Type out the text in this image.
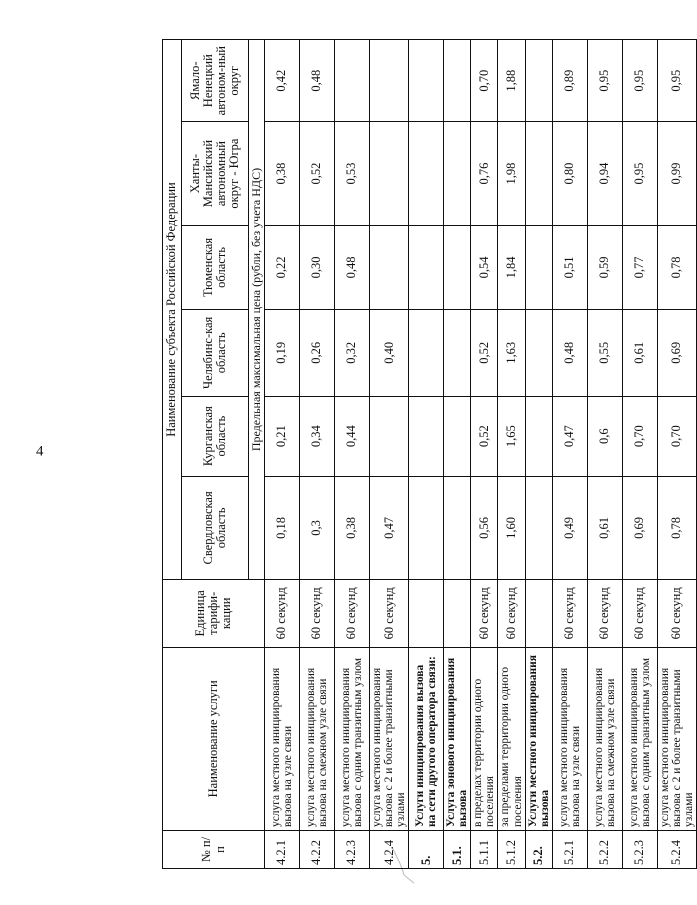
4
№ п/п	Наименование услуги	Единица тарифи-кации	Наименование субъекта Российской Федерации					
			Свердловская область	Курганская область	Челябинс-кая область	Тюменская область	Ханты-Мансийский автономный округ - Югра	Ямало-Ненецкий автоном-ный округ
			Предельная максимальная цена (рубли, без учета НДС)					
4.2.1	услуга местного инициирования вызова на узле связи	60 секунд	0,18	0,21	0,19	0,22	0,38	0,42
4.2.2	услуга местного инициирования вызова на смежном узле связи	60 секунд	0,3	0,34	0,26	0,30	0,52	0,48
4.2.3	услуга местного инициирования вызова с одним транзитным узлом	60 секунд	0,38	0,44	0,32	0,48	0,53	
4.2.4	услуга местного инициирования вызова с 2 и более транзитными узлами	60 секунд	0,47		0,40			
5.	Услуги инициирования вызова на сети другого оператора связи:							
5.1.	Услуга зонового инициирования вызова							
5.1.1	в пределах территории одного поселения	60 секунд	0,56	0,52	0,52	0,54	0,76	0,70
5.1.2	за пределами территории одного поселения	60 секунд	1,60	1,65	1,63	1,84	1,98	1,88
5.2.	Услуги местного инициирования вызова							
5.2.1	услуга местного инициирования вызова на узле связи	60 секунд	0,49	0,47	0,48	0,51	0,80	0,89
5.2.2	услуга местного инициирования вызова на смежном узле связи	60 секунд	0,61	0,6	0,55	0,59	0,94	0,95
5.2.3	услуга местного инициирования вызова с одним транзитным узлом	60 секунд	0,69	0,70	0,61	0,77	0,95	0,95
5.2.4	услуга местного инициирования вызова с 2 и более транзитными узлами	60 секунд	0,78	0,70	0,69	0,78	0,99	0,95
